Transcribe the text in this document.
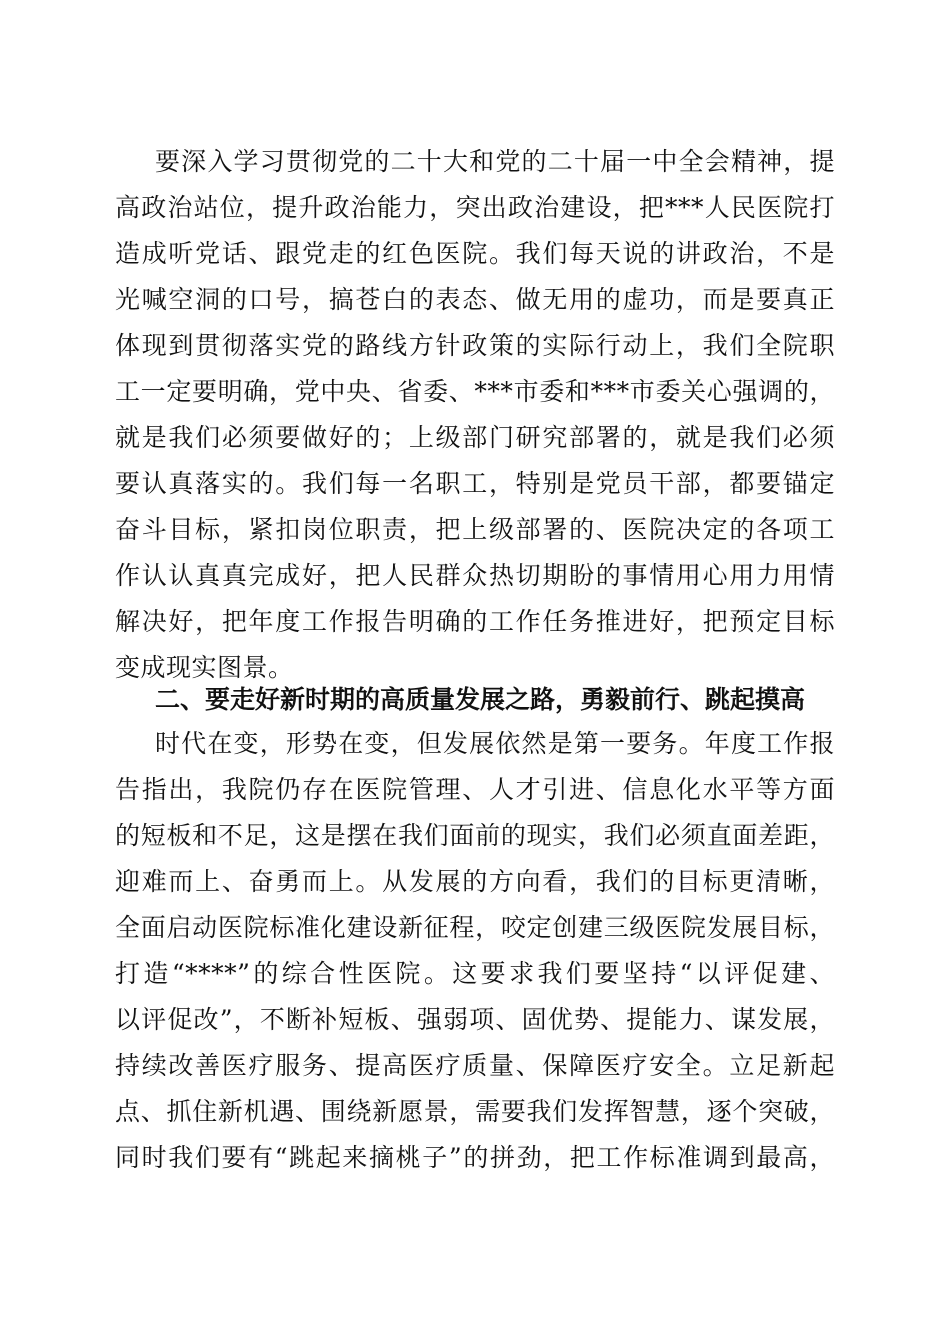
要深入学习贯彻党的二十大和党的二十届一中全会精神，提
高政治站位，提升政治能力，突出政治建设，把***人民医院打
造成听党话、跟党走的红色医院。我们每天说的讲政治，不是
光喊空洞的口号，搞苍白的表态、做无用的虚功，而是要真正
体现到贯彻落实党的路线方针政策的实际行动上，我们全院职
工一定要明确，党中央、省委、***市委和***市委关心强调的，
就是我们必须要做好的；上级部门研究部署的，就是我们必须
要认真落实的。我们每一名职工，特别是党员干部，都要锚定
奋斗目标，紧扣岗位职责，把上级部署的、医院决定的各项工
作认认真真完成好，把人民群众热切期盼的事情用心用力用情
解决好，把年度工作报告明确的工作任务推进好，把预定目标
变成现实图景。
二、要走好新时期的高质量发展之路，勇毅前行、跳起摸高
时代在变，形势在变，但发展依然是第一要务。年度工作报
告指出，我院仍存在医院管理、人才引进、信息化水平等方面
的短板和不足，这是摆在我们面前的现实，我们必须直面差距，
迎难而上、奋勇而上。从发展的方向看，我们的目标更清晰，
全面启动医院标准化建设新征程，咬定创建三级医院发展目标，
打造“****”的综合性医院。这要求我们要坚持“以评促建、
以评促改”，不断补短板、强弱项、固优势、提能力、谋发展，
持续改善医疗服务、提高医疗质量、保障医疗安全。立足新起
点、抓住新机遇、围绕新愿景，需要我们发挥智慧，逐个突破，
同时我们要有“跳起来摘桃子”的拼劲，把工作标准调到最高，
